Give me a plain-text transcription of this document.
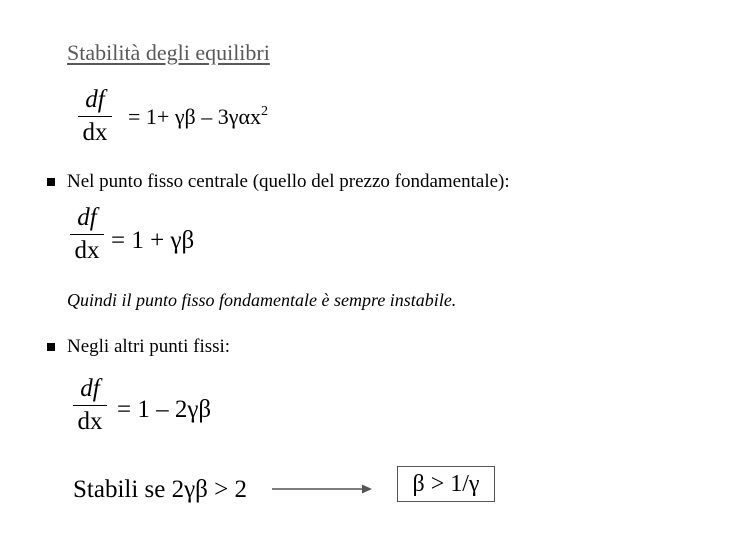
Stabilità degli equilibri
df
dx
= 1+ γβ – 3γαx$^2$
Nel punto fisso centrale (quello del prezzo fondamentale):
df
dx = 1 + γβ
Quindi il punto fisso fondamentale è sempre instabile.
Negli altri punti fissi:
df
dx = 1 – 2γβ
Stabili se 2γβ > 2	β > 1/γ
